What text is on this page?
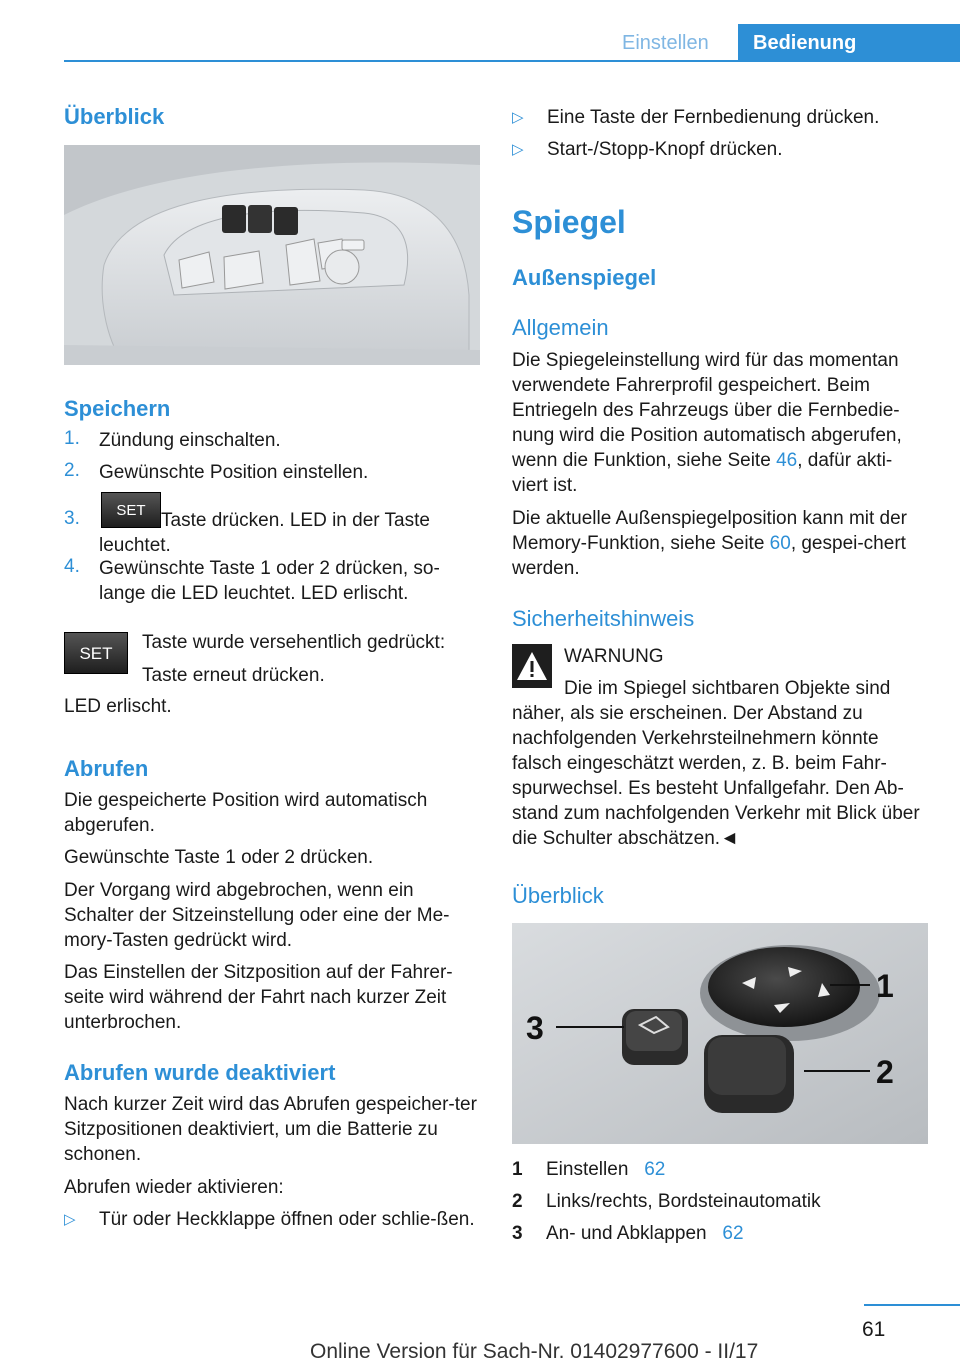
Einstellen	Bedienung
Überblick
Speichern
1. Zündung einschalten.
2. Gewünschte Position einstellen.
3.	SET Taste drücken. LED in der Taste leuchtet.
4. Gewünschte Taste 1 oder 2 drücken, so-lange die LED leuchtet. LED erlischt.
SET
Taste wurde versehentlich gedrückt:
Taste erneut drücken.
LED erlischt.
Abrufen
Die gespeicherte Position wird automatisch abgerufen.
Gewünschte Taste 1 oder 2 drücken.
Der Vorgang wird abgebrochen, wenn ein Schalter der Sitzeinstellung oder eine der Me-mory-Tasten gedrückt wird.
Das Einstellen der Sitzposition auf der Fahrer-seite wird während der Fahrt nach kurzer Zeit unterbrochen.
Abrufen wurde deaktiviert
Nach kurzer Zeit wird das Abrufen gespeicher-ter Sitzpositionen deaktiviert, um die Batterie zu schonen.
Abrufen wieder aktivieren:
▷ Tür oder Heckklappe öffnen oder schlie-ßen.
▷ Eine Taste der Fernbedienung drücken.
▷ Start-/Stopp-Knopf drücken.
Spiegel
Außenspiegel
Allgemein
Die Spiegeleinstellung wird für das momentan verwendete Fahrerprofil gespeichert. Beim Entriegeln des Fahrzeugs über die Fernbedie-nung wird die Position automatisch abgerufen, wenn die Funktion, siehe Seite 46, dafür akti-viert ist.
Die aktuelle Außenspiegelposition kann mit der Memory-Funktion, siehe Seite 60, gespei-chert werden.
Sicherheitshinweis
WARNUNG
Die im Spiegel sichtbaren Objekte sind näher, als sie erscheinen. Der Abstand zu nachfolgenden Verkehrsteilnehmern könnte falsch eingeschätzt werden, z. B. beim Fahr-spurwechsel. Es besteht Unfallgefahr. Den Ab-stand zum nachfolgenden Verkehr mit Blick über die Schulter abschätzen.◄
Überblick
1
2
3
1 Einstellen 62
2 Links/rechts, Bordsteinautomatik
3 An- und Abklappen 62
61
Online Version für Sach-Nr. 01402977600 - II/17
